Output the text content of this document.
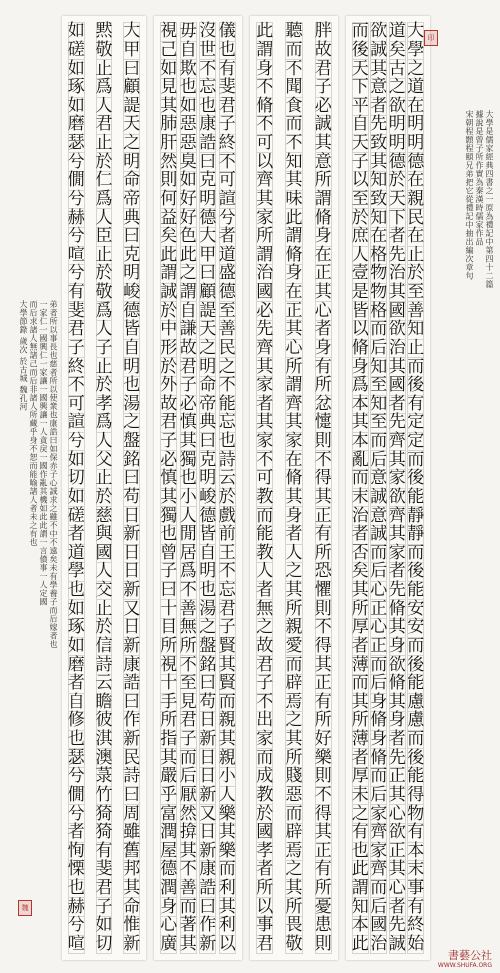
大
甲
曰
顧
諟
天
之
明
命
帝
典
曰
克
明
峻
德
皆
自
明
也
湯
之
盤
銘
曰
苟
日
新
日
日
新
又
日
新
康
誥
曰
作
新
民
詩
曰
周
雖
舊
邦
其
命
惟
新
黙
敬
止
爲
人
君
止
於
仁
爲
人
臣
止
於
敬
爲
人
子
止
於
孝
爲
人
父
止
於
慈
與
國
人
交
止
於
信
詩
云
瞻
彼
淇
澳
菉
竹
猗
猗
有
斐
君
子
如
切
如
磋
如
琢
如
磨
瑟
兮
僩
兮
赫
兮
喧
兮
有
斐
君
子
終
不
可
諠
兮
如
切
如
磋
者
道
學
也
如
琢
如
磨
者
自
修
也
瑟
兮
僩
兮
者
恂
慄
也
赫
兮
喧
儀
也
有
斐
君
子
終
不
可
諠
兮
者
道
盛
德
至
善
民
之
不
能
忘
也
詩
云
於
戲
前
王
不
忘
君
子
賢
其
賢
而
親
其
親
小
人
樂
其
樂
而
利
其
利
以
沒
世
不
忘
也
康
誥
曰
克
明
德
大
甲
曰
顧
諟
天
之
明
命
帝
典
曰
克
明
峻
德
皆
自
明
也
湯
之
盤
銘
曰
苟
日
新
日
日
新
又
日
新
康
誥
曰
作
新
毋
自
欺
也
如
惡
惡
臭
如
好
好
色
此
之
謂
自
謙
故
君
子
必
慎
其
獨
也
小
人
閒
居
爲
不
善
無
所
不
至
見
君
子
而
后
厭
然
揜
其
不
善
而
著
其
視
己
如
見
其
肺
肝
然
則
何
益
矣
此
謂
誠
於
中
形
於
外
故
君
子
必
慎
其
獨
也
曾
子
曰
十
目
所
視
十
手
所
指
其
嚴
乎
富
潤
屋
德
潤
身
心
廣
胖
故
君
子
必
誠
其
意
所
謂
脩
身
在
正
其
心
者
身
有
所
忿
懥
則
不
得
其
正
有
所
恐
懼
則
不
得
其
正
有
所
好
樂
則
不
得
其
正
有
所
憂
患
則
聽
而
不
聞
食
而
不
知
其
味
此
謂
脩
身
在
正
其
心
所
謂
齊
其
家
在
脩
其
身
者
人
之
其
所
親
愛
而
辟
焉
之
其
所
賤
惡
而
辟
焉
之
其
所
畏
敬
此
謂
身
不
脩
不
可
以
齊
其
家
所
謂
治
國
必
先
齊
其
家
者
其
家
不
可
教
而
能
教
人
者
無
之
故
君
子
不
出
家
而
成
教
於
國
孝
者
所
以
事
君
大
學
之
道
在
明
明
德
在
親
民
在
止
於
至
善
知
止
而
後
有
定
定
而
後
能
靜
靜
而
後
能
安
安
而
後
能
慮
慮
而
後
能
得
物
有
本
末
事
有
終
始
道
矣
古
之
欲
明
明
德
於
天
下
者
先
治
其
國
欲
治
其
國
者
先
齊
其
家
欲
齊
其
家
者
先
脩
其
身
欲
脩
其
身
者
先
正
其
心
欲
正
其
心
者
先
誠
欲
誠
其
意
者
先
致
其
知
致
知
在
格
物
物
格
而
后
知
至
知
至
而
后
意
誠
意
誠
而
后
心
正
心
正
而
后
身
脩
身
脩
而
后
家
齊
家
齊
而
后
國
治
而
後
天
下
平
自
天
子
以
至
於
庶
人
壹
是
皆
以
脩
身
爲
本
其
本
亂
而
末
治
者
否
矣
其
所
厚
者
薄
而
其
所
薄
者
厚
未
之
有
也
此
謂
知
本
此
弟者所以事長也慈者所以使衆也康誥曰如保赤子心誠求之雖不中不遠矣未有學養子而后嫁者也
一家仁一國興仁一家讓一國興讓一人貪戾一國作亂其機如此此謂一言僨事一人定國
而后求諸人無諸己而后非諸人所藏乎身不恕而能喻諸人者未之有也
大學節錄 歲次 於古城 魏孔河
大學是儒家經典四書之一原為禮記中第四十二篇
據說是曾子所作實為秦漢時儒家作品
宋朝程顥程頤兄弟把它從禮記中抽出編次章句
印
魏
書藝公社
WWW.SHUFA.ORG
